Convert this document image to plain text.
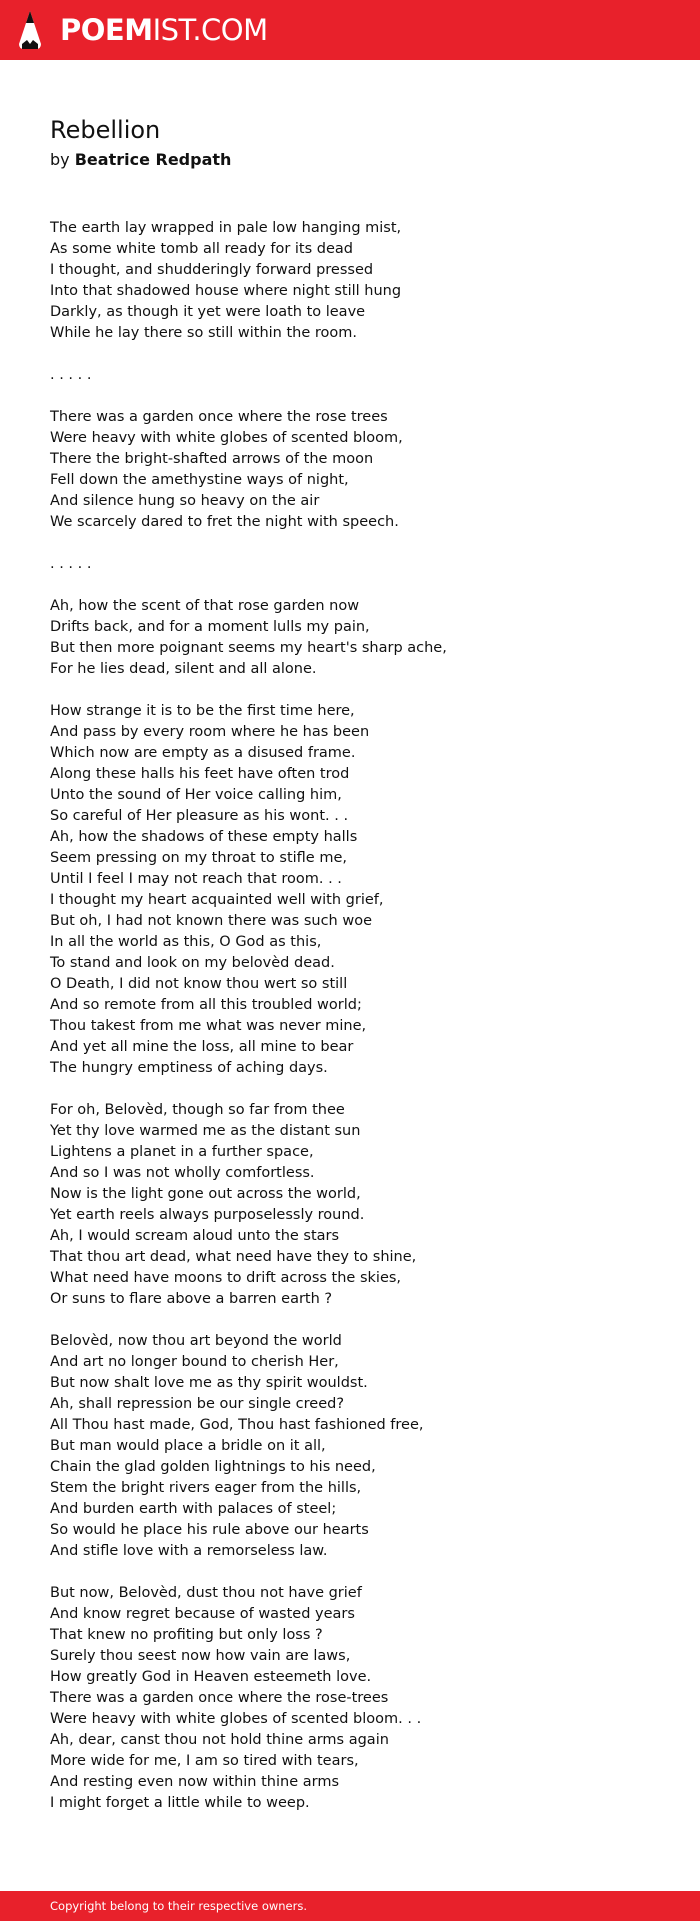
POEMIST.COM
Rebellion
by Beatrice Redpath
The earth lay wrapped in pale low hanging mist,
As some white tomb all ready for its dead
I thought, and shudderingly forward pressed
Into that shadowed house where night still hung
Darkly, as though it yet were loath to leave
While he lay there so still within the room.
. . . . .
There was a garden once where the rose trees
Were heavy with white globes of scented bloom,
There the bright-shafted arrows of the moon
Fell down the amethystine ways of night,
And silence hung so heavy on the air
We scarcely dared to fret the night with speech.
. . . . .
Ah, how the scent of that rose garden now
Drifts back, and for a moment lulls my pain,
But then more poignant seems my heart's sharp ache,
For he lies dead, silent and all alone.
How strange it is to be the first time here,
And pass by every room where he has been
Which now are empty as a disused frame.
Along these halls his feet have often trod
Unto the sound of Her voice calling him,
So careful of Her pleasure as his wont. . .
Ah, how the shadows of these empty halls
Seem pressing on my throat to stifle me,
Until I feel I may not reach that room. . .
I thought my heart acquainted well with grief,
But oh, I had not known there was such woe
In all the world as this, O God as this,
To stand and look on my belovèd dead.
O Death, I did not know thou wert so still
And so remote from all this troubled world;
Thou takest from me what was never mine,
And yet all mine the loss, all mine to bear
The hungry emptiness of aching days.
For oh, Belovèd, though so far from thee
Yet thy love warmed me as the distant sun
Lightens a planet in a further space,
And so I was not wholly comfortless.
Now is the light gone out across the world,
Yet earth reels always purposelessly round.
Ah, I would scream aloud unto the stars
That thou art dead, what need have they to shine,
What need have moons to drift across the skies,
Or suns to flare above a barren earth ?
Belovèd, now thou art beyond the world
And art no longer bound to cherish Her,
But now shalt love me as thy spirit wouldst.
Ah, shall repression be our single creed?
All Thou hast made, God, Thou hast fashioned free,
But man would place a bridle on it all,
Chain the glad golden lightnings to his need,
Stem the bright rivers eager from the hills,
And burden earth with palaces of steel;
So would he place his rule above our hearts
And stifle love with a remorseless law.
But now, Belovèd, dust thou not have grief
And know regret because of wasted years
That knew no profiting but only loss ?
Surely thou seest now how vain are laws,
How greatly God in Heaven esteemeth love.
There was a garden once where the rose-trees
Were heavy with white globes of scented bloom. . .
Ah, dear, canst thou not hold thine arms again
More wide for me, I am so tired with tears,
And resting even now within thine arms
I might forget a little while to weep.
Copyright belong to their respective owners.
